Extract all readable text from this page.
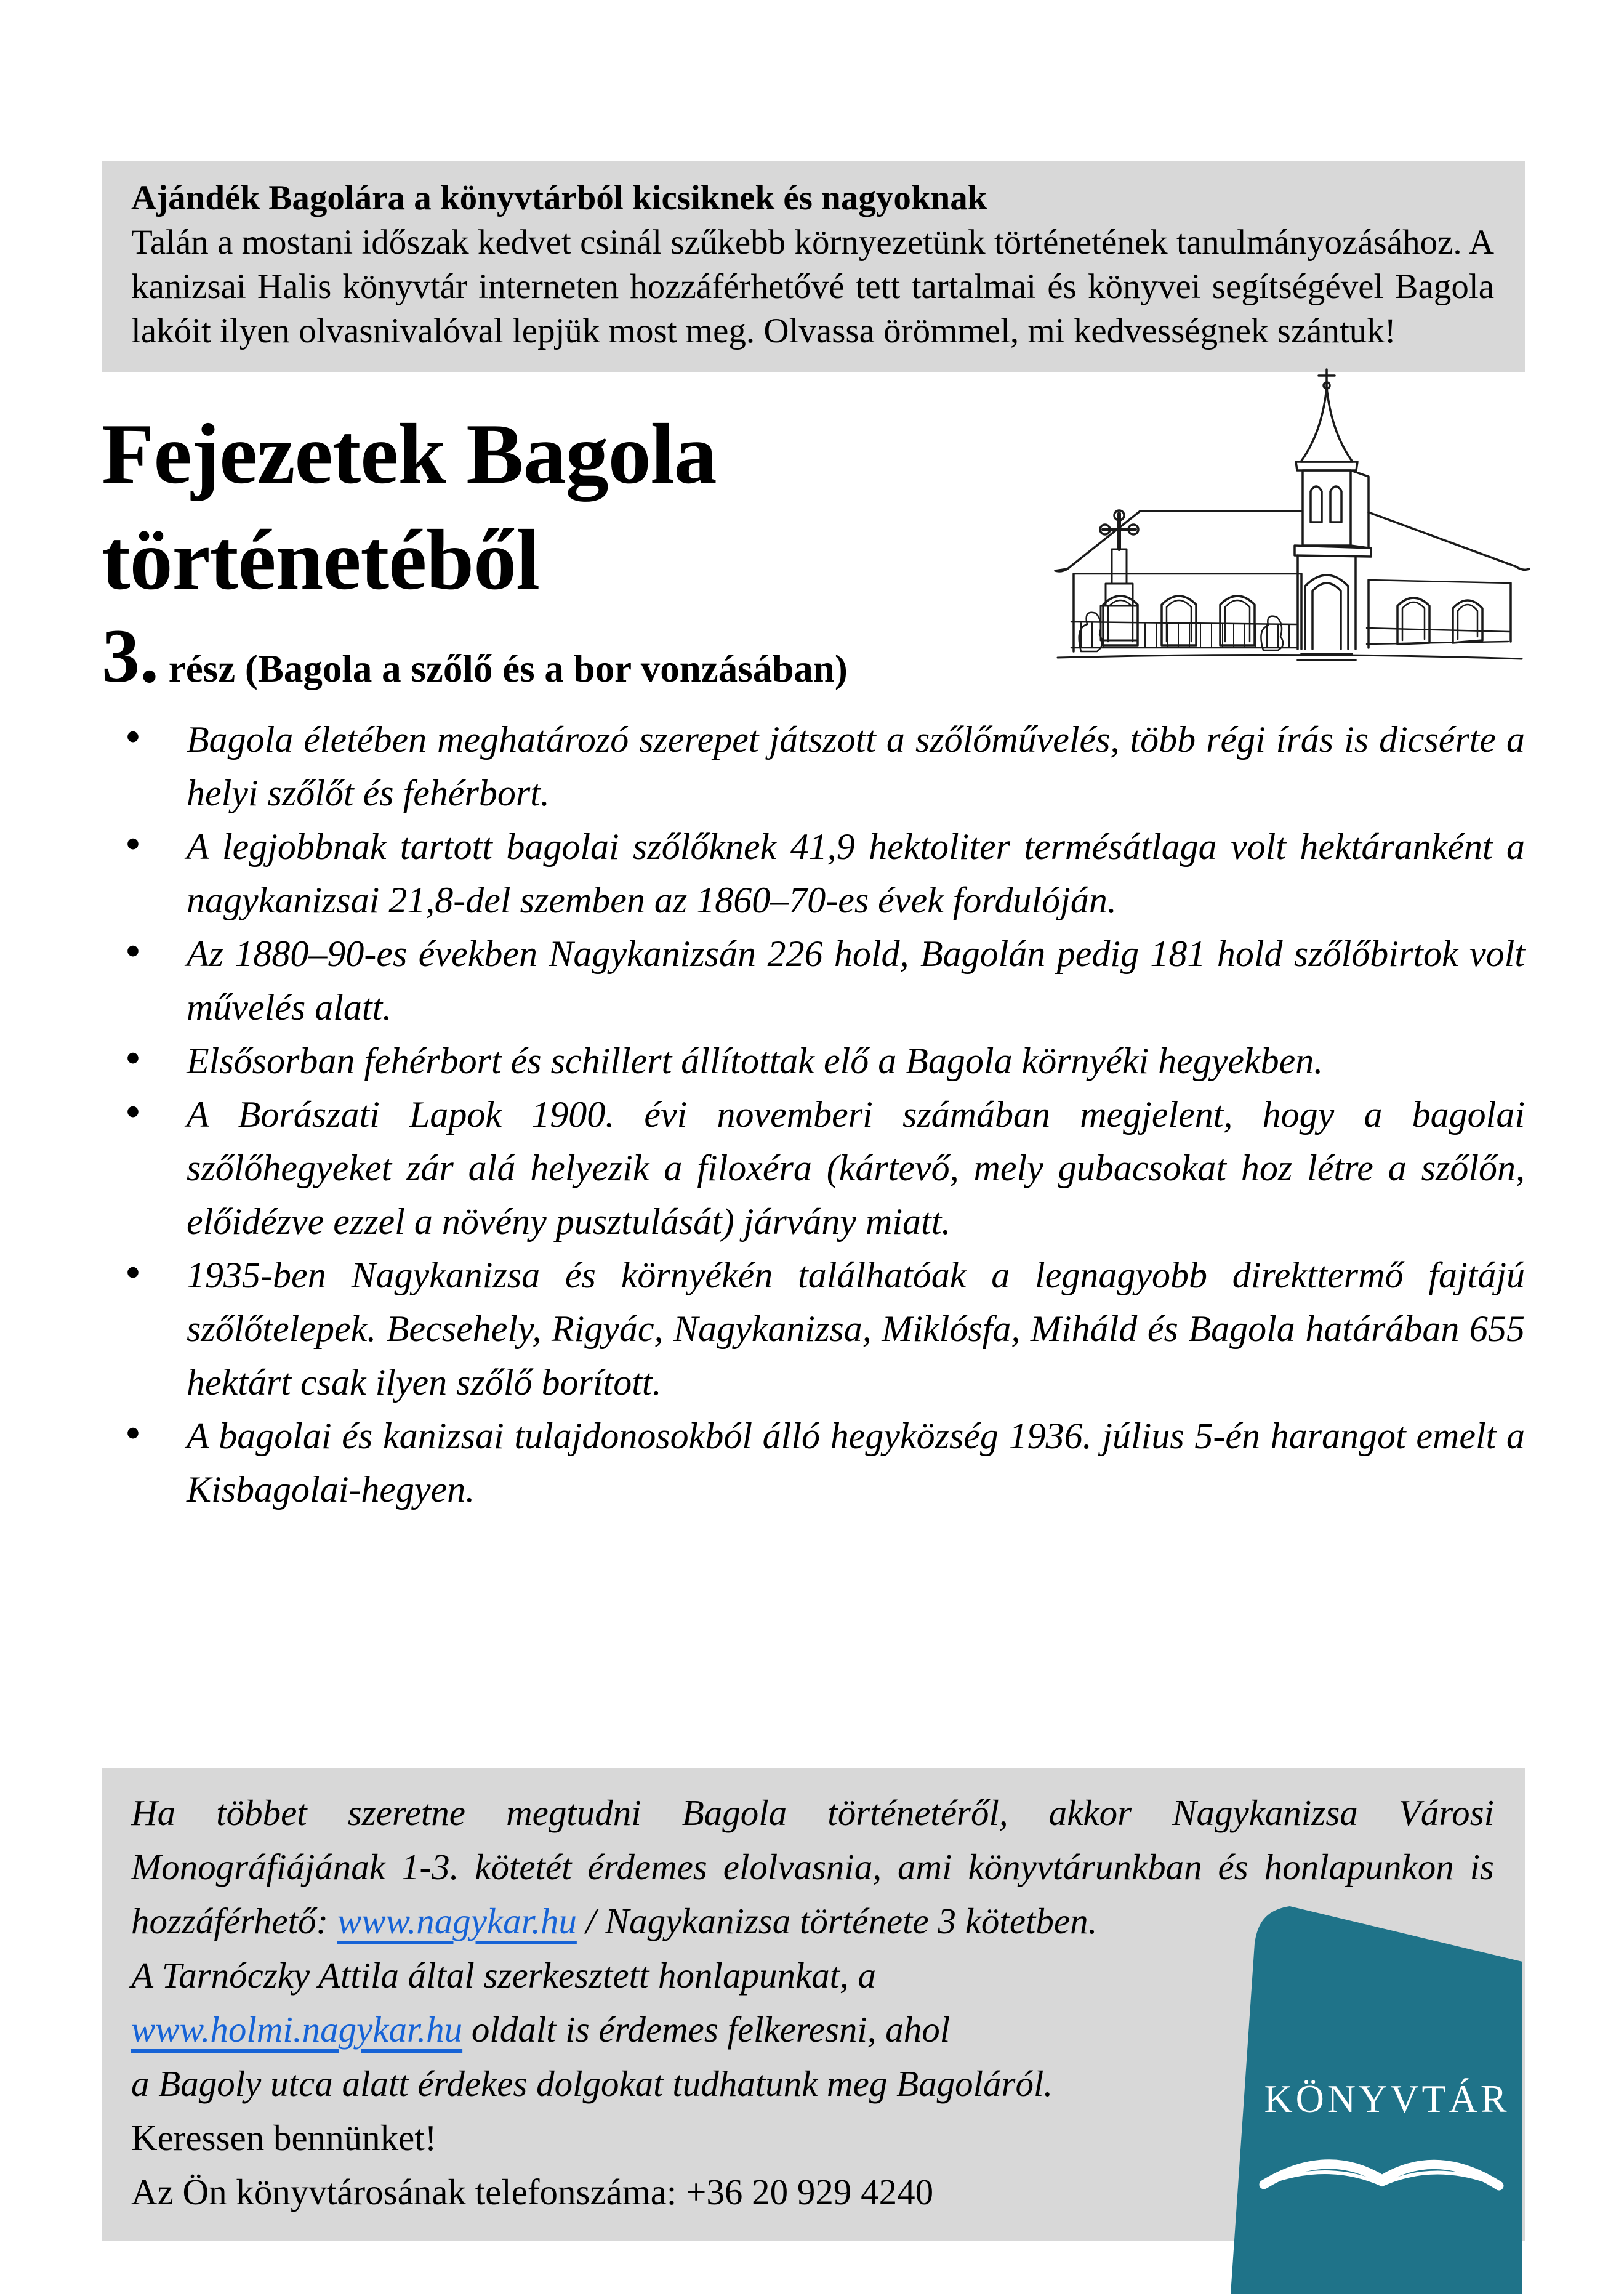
Ajándék Bagolára a könyvtárból kicsiknek és nagyoknak
Talán a mostani időszak kedvet csinál szűkebb környezetünk történetének tanulmányozásához. A kanizsai Halis könyvtár interneten hozzáférhetővé tett tartalmai és könyvei segítségével Bagola lakóit ilyen olvasnivalóval lepjük most meg. Olvassa örömmel, mi kedvességnek szántuk!
Fejezetek Bagola
történetéből
3. rész (Bagola a szőlő és a bor vonzásában)
• Bagola életében meghatározó szerepet játszott a szőlőművelés, több régi írás is dicsérte a helyi szőlőt és fehérbort.
• A legjobbnak tartott bagolai szőlőknek 41,9 hektoliter termésátlaga volt hektáranként a nagykanizsai 21,8-del szemben az 1860–70-es évek fordulóján.
• Az 1880–90-es években Nagykanizsán 226 hold, Bagolán pedig 181 hold szőlőbirtok volt művelés alatt.
• Elsősorban fehérbort és schillert állítottak elő a Bagola környéki hegyekben.
• A Borászati Lapok 1900. évi novemberi számában megjelent, hogy a bagolai szőlőhegyeket zár alá helyezik a filoxéra (kártevő, mely gubacsokat hoz létre a szőlőn, előidézve ezzel a növény pusztulását) járvány miatt.
• 1935-ben Nagykanizsa és környékén találhatóak a legnagyobb direkttermő fajtájú szőlőtelepek. Becsehely, Rigyác, Nagykanizsa, Miklósfa, Miháld és Bagola határában 655 hektárt csak ilyen szőlő borított.
• A bagolai és kanizsai tulajdonosokból álló hegyközség 1936. július 5-én harangot emelt a Kisbagolai-hegyen.

Ha többet szeretne megtudni Bagola történetéről, akkor Nagykanizsa Városi Monográfiájának 1-3. kötetét érdemes elolvasnia, ami könyvtárunkban és honlapunkon is hozzáférhető: www.nagykar.hu / Nagykanizsa története 3 kötetben.

A Tarnóczky Attila által szerkesztett honlapunkat, a

www.holmi.nagykar.hu oldalt is érdemes felkeresni, ahol

a Bagoly utca alatt érdekes dolgokat tudhatunk meg Bagoláról.

Keressen bennünket!

Az Ön könyvtárosának telefonszáma: +36 20 929 4240

KÖNYVTÁR
